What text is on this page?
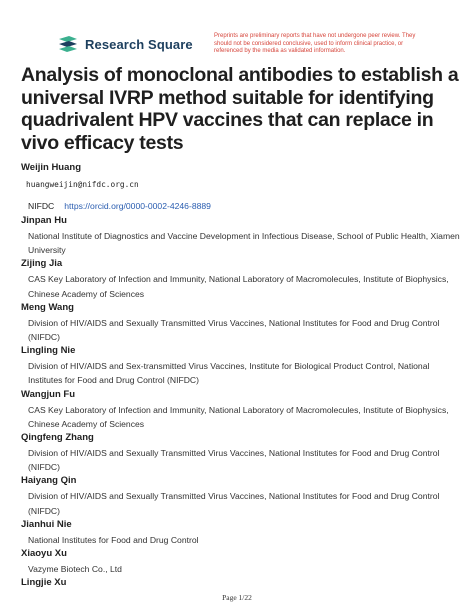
Research Square
Preprints are preliminary reports that have not undergone peer review. They should not be considered conclusive, used to inform clinical practice, or referenced by the media as validated information.
Analysis of monoclonal antibodies to establish a universal IVRP method suitable for identifying quadrivalent HPV vaccines that can replace in vivo efficacy tests
Weijin Huang
huangweijin@nifdc.org.cn
NIFDC https://orcid.org/0000-0002-4246-8889
Jinpan Hu
National Institute of Diagnostics and Vaccine Development in Infectious Disease, School of Public Health, Xiamen University
Zijing Jia
CAS Key Laboratory of Infection and Immunity, National Laboratory of Macromolecules, Institute of Biophysics, Chinese Academy of Sciences
Meng Wang
Division of HIV/AIDS and Sexually Transmitted Virus Vaccines, National Institutes for Food and Drug Control (NIFDC)
Lingling Nie
Division of HIV/AIDS and Sex-transmitted Virus Vaccines, Institute for Biological Product Control, National Institutes for Food and Drug Control (NIFDC)
Wangjun Fu
CAS Key Laboratory of Infection and Immunity, National Laboratory of Macromolecules, Institute of Biophysics, Chinese Academy of Sciences
Qingfeng Zhang
Division of HIV/AIDS and Sexually Transmitted Virus Vaccines, National Institutes for Food and Drug Control (NIFDC)
Haiyang Qin
Division of HIV/AIDS and Sexually Transmitted Virus Vaccines, National Institutes for Food and Drug Control (NIFDC)
Jianhui Nie
National Institutes for Food and Drug Control
Xiaoyu Xu
Vazyme Biotech Co., Ltd
Lingjie Xu
Page 1/22
